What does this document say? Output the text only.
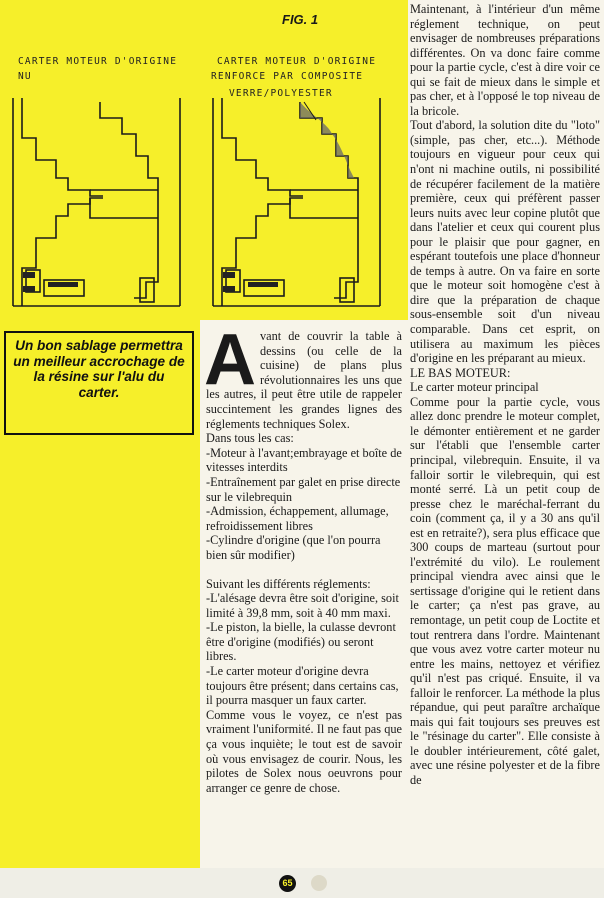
FIG. 1
CARTER MOTEUR D'ORIGINE
NU
CARTER MOTEUR D'ORIGINE
RENFORCE PAR COMPOSITE
VERRE/POLYESTER

Un bon sablage permettra un meilleur accrochage de la résine sur l'alu du carter.

	A vant de couvrir la table à dessins (ou celle de la cuisine) de plans plus révolutionnaires les uns que les autres, il peut être utile de rappeler succintement les grandes lignes des réglements techniques Solex.

Dans tous les cas:

-Moteur à l'avant;embrayage et boîte de vitesses interdits

-Entraînement par galet en prise directe sur le vilebrequin

-Admission, échappement, allumage, refroidissement libres

-Cylindre d'origine (que l'on pourra bien sûr modifier)

Suivant les différents réglements:

-L'alésage devra être soit d'origine, soit limité à 39,8 mm, soit à 40 mm maxi.

-Le piston, la bielle, la culasse devront être d'origine (modifiés) ou seront libres.

-Le carter moteur d'origine devra toujours être présent; dans certains cas, il pourra masquer un faux carter.

Comme vous le voyez, ce n'est pas vraiment l'uniformité. Il ne faut pas que ça vous inquiète; le tout est de savoir où vous envisagez de courir. Nous, les pilotes de Solex nous oeuvrons pour arranger ce genre de chose.

Maintenant, à l'intérieur d'un même réglement technique, on peut envisager de nombreuses préparations différentes. On va donc faire comme pour la partie cycle, c'est à dire voir ce qui se fait de mieux dans le simple et pas cher, et à l'opposé le top niveau de la bricole.

Tout d'abord, la solution dite du "loto" (simple, pas cher, etc...). Méthode toujours en vigueur pour ceux qui n'ont ni machine outils, ni possibilité de récupérer facilement de la matière première, ceux qui préfèrent passer leurs nuits avec leur copine plutôt que dans l'atelier et ceux qui courent plus pour le plaisir que pour gagner, en espérant toutefois une place d'honneur de temps à autre. On va faire en sorte que le moteur soit homogène c'est à dire que la préparation de chaque sous-ensemble soit d'un niveau comparable. Dans cet esprit, on utilisera au maximum les pièces d'origine en les préparant au mieux.

LE BAS MOTEUR:

Le carter moteur principal

Comme pour la partie cycle, vous allez donc prendre le moteur complet, le démonter entièrement et ne garder sur l'établi que l'ensemble carter principal, vilebrequin. Ensuite, il va falloir sortir le vilebrequin, qui est monté serré. Là un petit coup de presse chez le maréchal-ferrant du coin (comment ça, il y a 30 ans qu'il est en retraite?), sera plus efficace que 300 coups de marteau (surtout pour l'extrémité du vilo). Le roulement principal viendra avec ainsi que le sertissage d'origine qui le retient dans le carter; ça n'est pas grave, au remontage, un petit coup de Loctite et tout rentrera dans l'ordre. Maintenant que vous avez votre carter moteur nu entre les mains, nettoyez et vérifiez qu'il n'est pas criqué. Ensuite, il va falloir le renforcer. La méthode la plus répandue, qui peut paraître archaïque mais qui fait toujours ses preuves est le "résinage du carter". Elle consiste à le doubler intérieurement, côté galet, avec une résine polyester et de la fibre de

65
